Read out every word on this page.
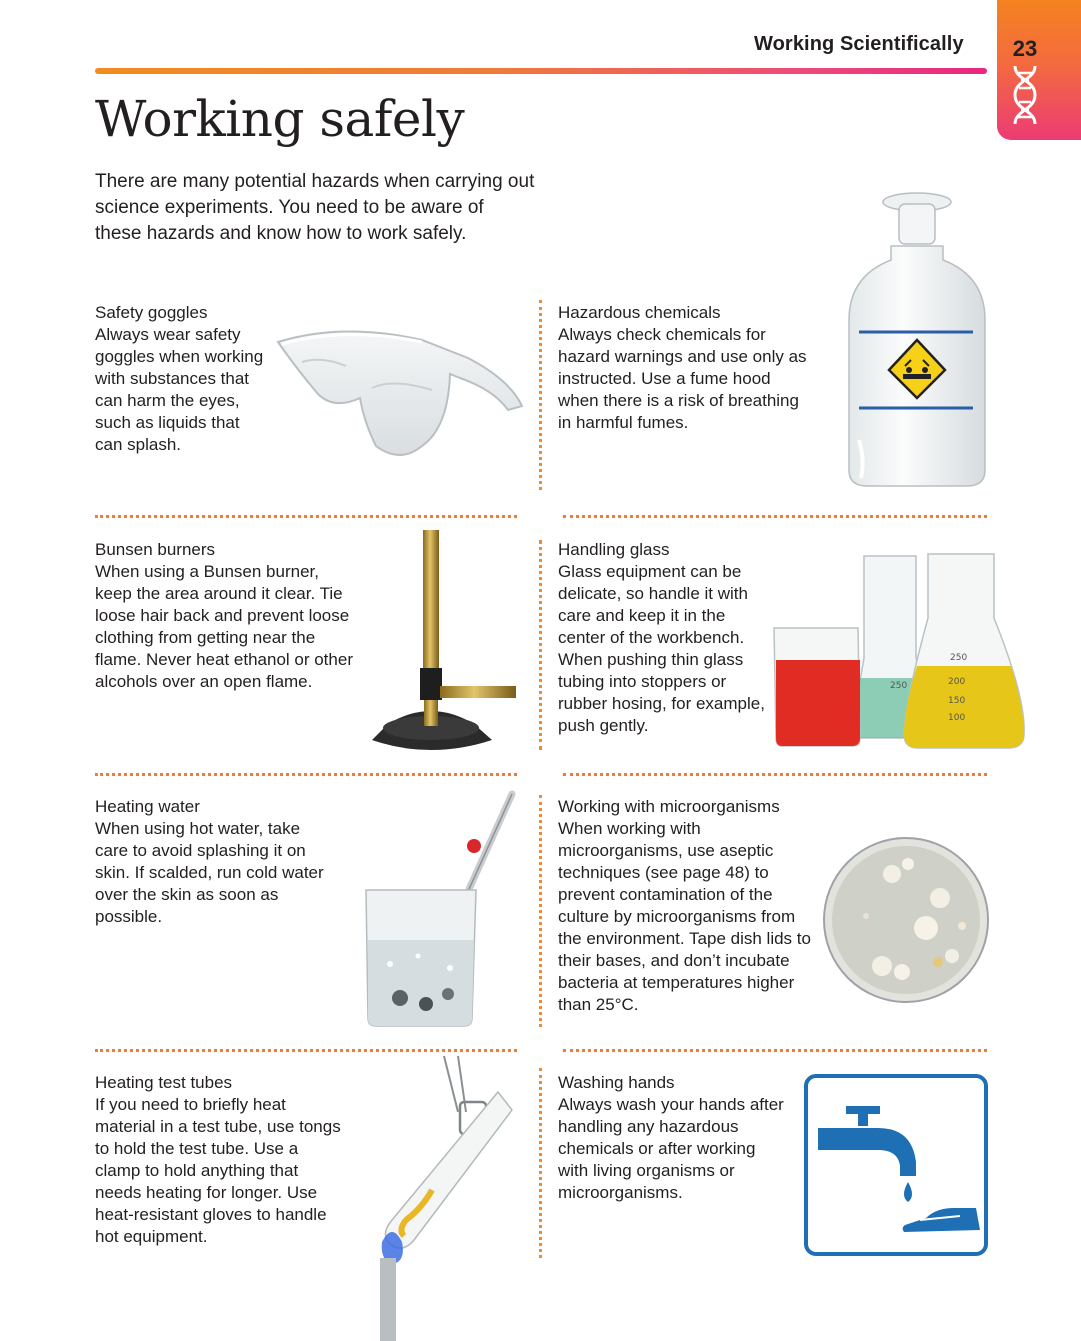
Working Scientifically	23
Working safely

There are many potential hazards when carrying out science experiments. You need to be aware of these hazards and know how to work safely.

Safety goggles
Always wear safety goggles when working with substances that can harm the eyes, such as liquids that can splash.
Hazardous chemicals
Always check chemicals for hazard warnings and use only as instructed. Use a fume hood when there is a risk of breathing in harmful fumes.
Bunsen burners
When using a Bunsen burner, keep the area around it clear. Tie loose hair back and prevent loose clothing from getting near the flame. Never heat ethanol or other alcohols over an open flame.
Handling glass
Glass equipment can be delicate, so handle it with care and keep it in the center of the workbench. When pushing thin glass tubing into stoppers or rubber hosing, for example, push gently.
250
250
200
150
100
Heating water
When using hot water, take care to avoid splashing it on skin. If scalded, run cold water over the skin as soon as possible.
Working with microorganisms
When working with microorganisms, use aseptic techniques (see page 48) to prevent contamination of the culture by microorganisms from the environment. Tape dish lids to their bases, and don’t incubate bacteria at temperatures higher than 25°C.
Heating test tubes
If you need to briefly heat material in a test tube, use tongs to hold the test tube. Use a clamp to hold anything that needs heating for longer. Use heat-resistant gloves to handle hot equipment.
Washing hands
Always wash your hands after handling any hazardous chemicals or after working with living organisms or microorganisms.
